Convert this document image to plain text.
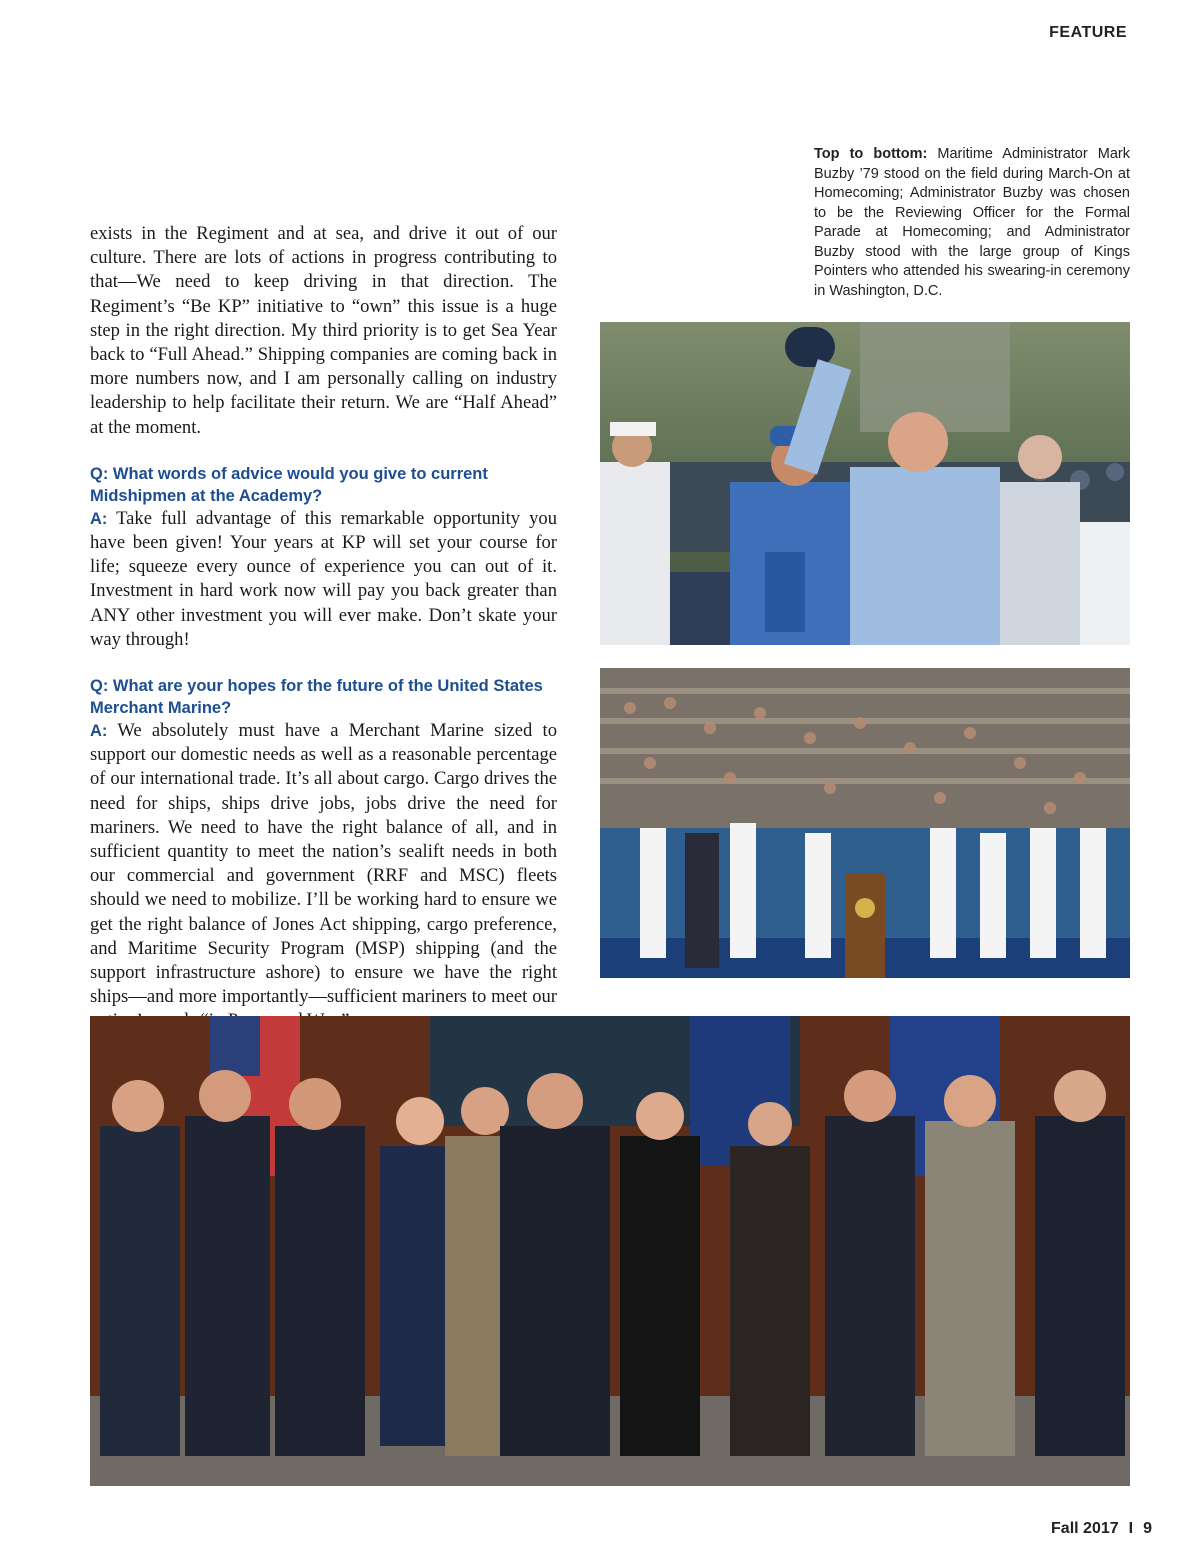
FEATURE
Top to bottom: Maritime Administrator Mark Buzby ’79 stood on the field during March-On at Homecoming; Administrator Buzby was chosen to be the Reviewing Officer for the Formal Parade at Homecoming; and Administrator Buzby stood with the large group of Kings Pointers who attended his swearing-in ceremony in Washington, D.C.

exists in the Regiment and at sea, and drive it out of our culture. There are lots of actions in progress contributing to that—We need to keep driving in that direction. The Regiment’s “Be KP” initiative to “own” this issue is a huge step in the right direction. My third priority is to get Sea Year back to “Full Ahead.” Shipping companies are coming back in more numbers now, and I am personally calling on industry leadership to help facilitate their return. We are “Half Ahead” at the moment.

Q: What words of advice would you give to current Midshipmen at the Academy?

A: Take full advantage of this remarkable opportunity you have been given! Your years at KP will set your course for life; squeeze every ounce of experience you can out of it. Investment in hard work now will pay you back greater than ANY other investment you will ever make. Don’t skate your way through!

Q: What are your hopes for the future of the United States Merchant Marine?

A: We absolutely must have a Merchant Marine sized to support our domestic needs as well as a reasonable percentage of our international trade. It’s all about cargo. Cargo drives the need for ships, ships drive jobs, jobs drive the need for mariners. We need to have the right balance of all, and in sufficient quantity to meet the nation’s sealift needs in both our commercial and government (RRF and MSC) fleets should we need to mobilize. I’ll be working hard to ensure we get the right balance of Jones Act shipping, cargo preference, and Maritime Security Program (MSP) shipping (and the support infrastructure ashore) to ensure we have the right ships—and more importantly—sufficient mariners to meet our

Fall 2017 I 9
